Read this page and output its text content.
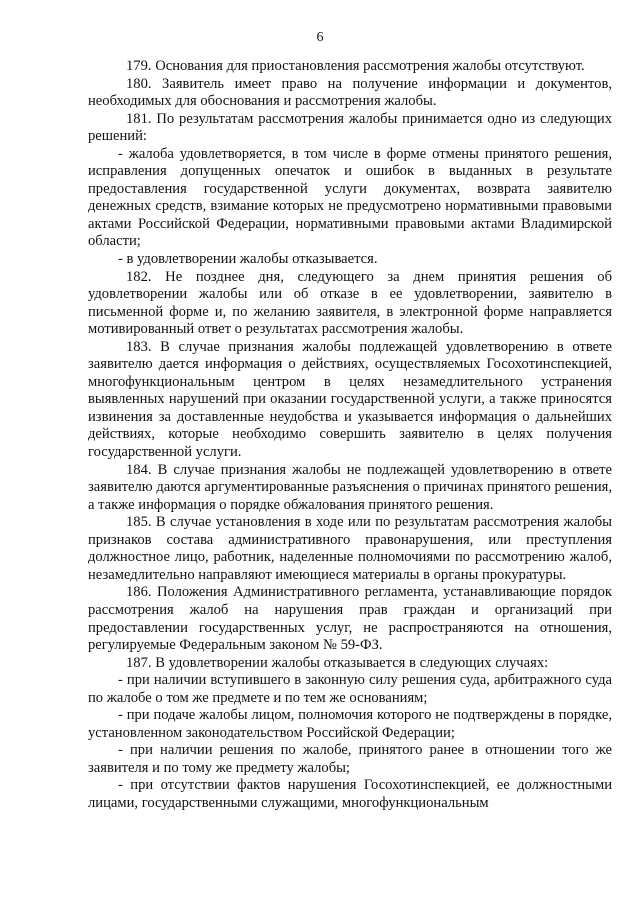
6

179. Основания для приостановления рассмотрения жалобы отсутствуют.

180. Заявитель имеет право на получение информации и документов, необходимых для обоснования и рассмотрения жалобы.

181. По результатам рассмотрения жалобы принимается одно из следующих решений:

- жалоба удовлетворяется, в том числе в форме отмены принятого решения, исправления допущенных опечаток и ошибок в выданных в результате предоставления государственной услуги документах, возврата заявителю денежных средств, взимание которых не предусмотрено нормативными правовыми актами Российской Федерации, нормативными правовыми актами Владимирской области;

- в удовлетворении жалобы отказывается.

182. Не позднее дня, следующего за днем принятия решения об удовлетворении жалобы или об отказе в ее удовлетворении, заявителю в письменной форме и, по желанию заявителя, в электронной форме направляется мотивированный ответ о результатах рассмотрения жалобы.

183. В случае признания жалобы подлежащей удовлетворению в ответе заявителю дается информация о действиях, осуществляемых Госохотинспекцией, многофункциональным центром в целях незамедлительного устранения выявленных нарушений при оказании государственной услуги, а также приносятся извинения за доставленные неудобства и указывается информация о дальнейших действиях, которые необходимо совершить заявителю в целях получения государственной услуги.

184. В случае признания жалобы не подлежащей удовлетворению в ответе заявителю даются аргументированные разъяснения о причинах принятого решения, а также информация о порядке обжалования принятого решения.

185. В случае установления в ходе или по результатам рассмотрения жалобы признаков состава административного правонарушения, или преступления должностное лицо, работник, наделенные полномочиями по рассмотрению жалоб, незамедлительно направляют имеющиеся материалы в органы прокуратуры.

186. Положения Административного регламента, устанавливающие порядок рассмотрения жалоб на нарушения прав граждан и организаций при предоставлении государственных услуг, не распространяются на отношения, регулируемые Федеральным законом № 59-ФЗ.

187. В удовлетворении жалобы отказывается в следующих случаях:

- при наличии вступившего в законную силу решения суда, арбитражного суда по жалобе о том же предмете и по тем же основаниям;

- при подаче жалобы лицом, полномочия которого не подтверждены в порядке, установленном законодательством Российской Федерации;

- при наличии решения по жалобе, принятого ранее в отношении того же заявителя и по тому же предмету жалобы;

- при отсутствии фактов нарушения Госохотинспекцией, ее должностными лицами, государственными служащими, многофункциональным
